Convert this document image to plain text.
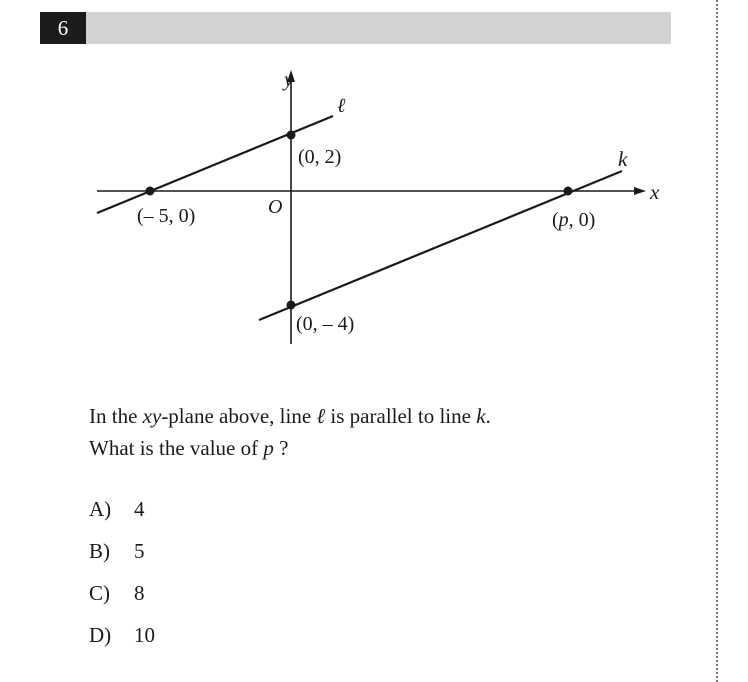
6
y
x
ℓ
k
(0, 2)
(– 5, 0)	O
(0, – 4)
(p, 0)
In the xy-plane above, line ℓ is parallel to line k.
What is the value of p ?
A)	4
B)	5
C)	8
D)	10
